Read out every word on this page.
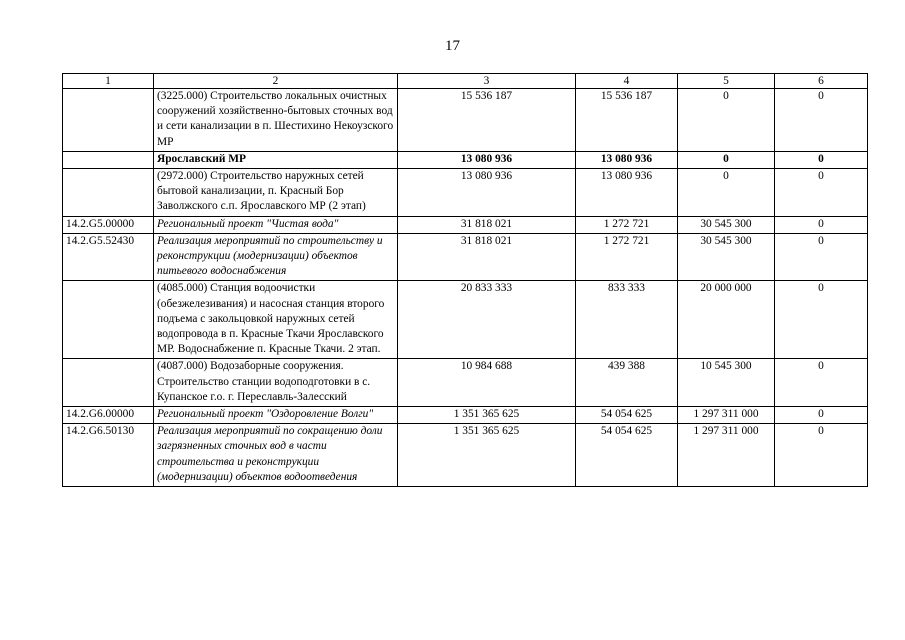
17
1	2	3	4	5	6
	(3225.000) Строительство локальных очистных сооружений хозяйственно-бытовых сточных вод и сети канализации в п. Шестихино Некоузского МР	15 536 187	15 536 187	0	0
	Ярославский МР	13 080 936	13 080 936	0	0
	(2972.000) Строительство наружных сетей бытовой канализации, п. Красный Бор Заволжского с.п. Ярославского МР (2 этап)	13 080 936	13 080 936	0	0
14.2.G5.00000	Региональный проект "Чистая вода"	31 818 021	1 272 721	30 545 300	0
14.2.G5.52430	Реализация мероприятий по строительству и реконструкции (модернизации) объектов питьевого водоснабжения	31 818 021	1 272 721	30 545 300	0
	(4085.000) Станция водоочистки (обезжелезивания) и насосная станция второго подъема с закольцовкой наружных сетей водопровода в п. Красные Ткачи Ярославского МР. Водоснабжение п. Красные Ткачи. 2 этап.	20 833 333	833 333	20 000 000	0
	(4087.000) Водозаборные сооружения. Строительство станции водоподготовки в с. Купанское г.о. г. Переславль-Залесский	10 984 688	439 388	10 545 300	0
14.2.G6.00000	Региональный проект "Оздоровление Волги"	1 351 365 625	54 054 625	1 297 311 000	0
14.2.G6.50130	Реализация мероприятий по сокращению доли загрязненных сточных вод в части строительства и реконструкции (модернизации) объектов водоотведения	1 351 365 625	54 054 625	1 297 311 000	0
